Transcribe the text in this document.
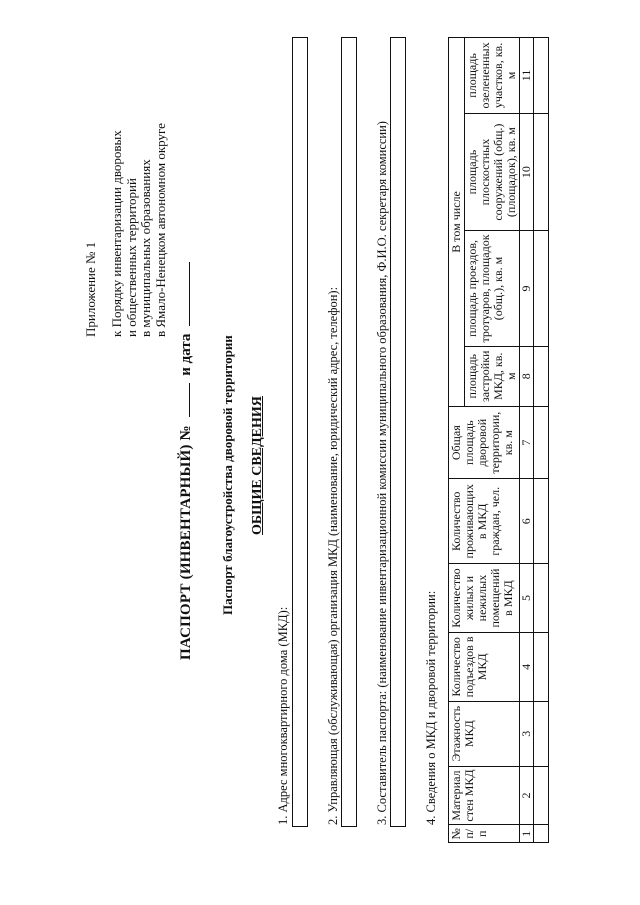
Приложение № 1 к Порядку инвентаризации дворовых и общественных территорий в муниципальных образованиях в Ямало-Ненецком автономном округе
ПАСПОРТ (ИНВЕНТАРНЫЙ) №  и дата Паспорт благоустройства дворовой территории ОБЩИЕ СВЕДЕНИЯ
1. Адрес многоквартирного дома (МКД):	2. Управляющая (обслуживающая) организация МКД (наименование, юридический адрес, телефон):	3. Составитель паспорта: (наименование инвентаризационной комиссии муниципального образования, Ф.И.О. секретаря комиссии)	4. Сведения о МКД и дворовой территории:
№ п/п	Материал стен МКД	Этажность МКД	Количество подъездов в МКД	Количество жилых и нежилых помещений в МКД	Количество проживающих в МКД граждан, чел.	Общая площадь дворовой территории, кв. м	В том числе			
							площадь застройки МКД, кв. м	площадь проездов, тротуаров, площадок (общ.), кв. м	площадь плоскостных сооружений (общ.) (площадок), кв. м	площадь озелененных участков, кв. м
1	2	3	4	5	6	7	8	9	10	11
